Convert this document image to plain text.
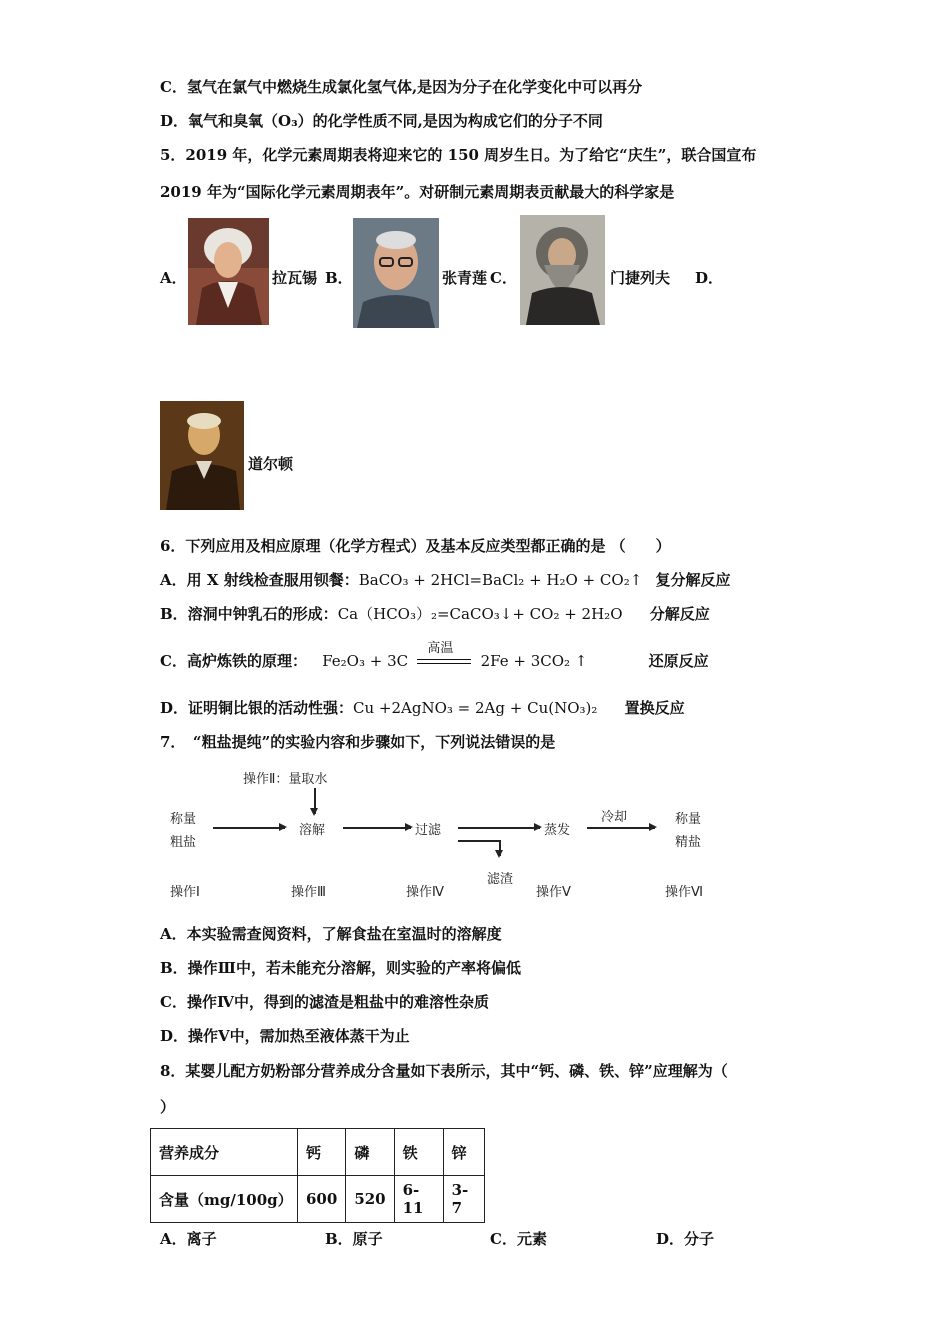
C．氢气在氯气中燃烧生成氯化氢气体,是因为分子在化学变化中可以再分
D．氧气和臭氧（O₃）的化学性质不同,是因为构成它们的分子不同
5．2019 年，化学元素周期表将迎来它的 150 周岁生日。为了给它“庆生”，联合国宣布
2019 年为“国际化学元素周期表年”。对研制元素周期表贡献最大的科学家是
A．	拉瓦锡 B．	张青莲 C．	门捷列夫 D．
道尔顿
6．下列应用及相应原理（化学方程式）及基本反应类型都正确的是 （　　）
A．用 X 射线检查服用钡餐：BaCO₃ + 2HCl=BaCl₂ + H₂O + CO₂↑ 复分解反应
B．溶洞中钟乳石的形成：Ca（HCO₃）₂=CaCO₃↓+ CO₂ + 2H₂O 分解反应
C．高炉炼铁的原理： Fe₂O₃ + 3C
高温
2Fe + 3CO₂ ↑	还原反应
D．证明铜比银的活动性强：Cu +2AgNO₃ = 2Ag + Cu(NO₃)₂ 置换反应
7．　“粗盐提纯”的实验内容和步骤如下，下列说法错误的是
操作Ⅱ：量取水
称量
粗盐
溶解	过滤
滤渣
蒸发
冷却	称量
精盐
操作Ⅰ	操作Ⅲ	操作Ⅳ	操作Ⅴ	操作Ⅵ
A．本实验需查阅资料，了解食盐在室温时的溶解度
B．操作Ⅲ中，若未能充分溶解，则实验的产率将偏低
C．操作Ⅳ中，得到的滤渣是粗盐中的难溶性杂质
D．操作Ⅴ中，需加热至液体蒸干为止
8．某婴儿配方奶粉部分营养成分含量如下表所示，其中“钙、磷、铁、锌”应理解为（
）
营养成分	钙	磷	铁	锌
含量（mg/100g）	600	520	6-11	3-7
A．离子	B．原子	C．元素	D．分子
